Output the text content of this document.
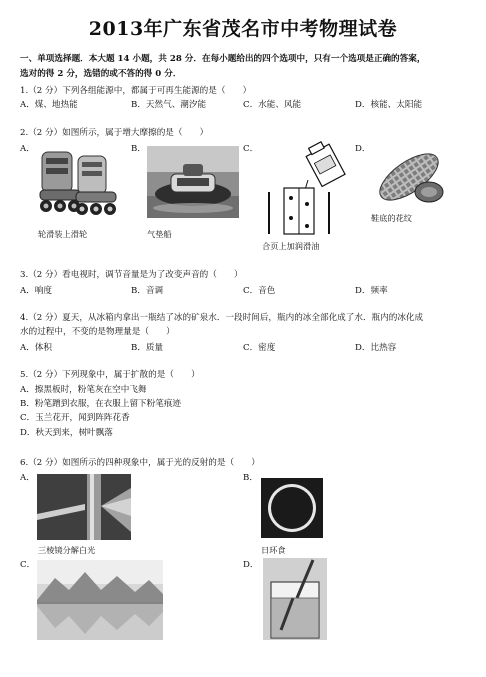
2013年广东省茂名市中考物理试卷
一、单项选择题．本大题 14 小题，共 28 分．在每小题给出的四个选项中，只有一个选项是正确的答案，
选对的得 2 分，选错的或不答的得 0 分．
1.（2 分）下列各组能源中，都属于可再生能源的是（　　）
A．煤、地热能	B．天然气、潮汐能	C．水能、风能	D．核能、太阳能
2.（2 分）如图所示，属于增大摩擦的是（　　）
A．	B．	C．	D．
轮滑装上滑轮	气垫船
合页上加润滑油
鞋底的花纹
3.（2 分）看电视时，调节音量是为了改变声音的（　　）
A．响度	B．音调	C．音色	D．频率
4.（2 分）夏天，从冰箱内拿出一瓶结了冰的矿泉水．一段时间后，瓶内的冰全部化成了水．瓶内的冰化成
水的过程中，不变的是物理量是（　　）
A．体积	B．质量	C．密度	D．比热容
5.（2 分）下列现象中，属于扩散的是（　　）
A．擦黑板时，粉笔灰在空中飞舞
B．粉笔蹭到衣服，在衣服上留下粉笔痕迹
C．玉兰花开，闻到阵阵花香
D．秋天到来，树叶飘落
6.（2 分）如图所示的四种现象中，属于光的反射的是（　　）
A．	B．
三棱镜分解白光	日环食
C．	D．
